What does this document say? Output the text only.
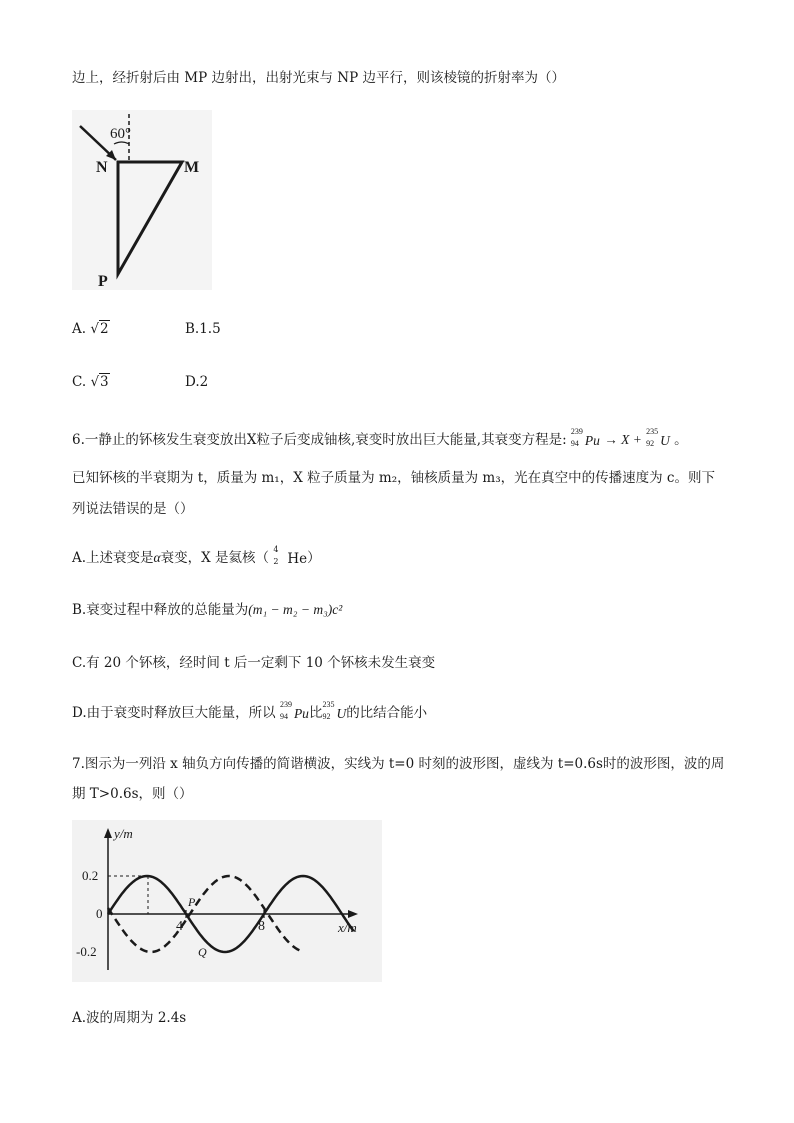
边上，经折射后由 MP 边射出，出射光束与 NP 边平行，则该棱镜的折射率为（）
60°
N	M
P
A. √2	B.1.5
C. √3	D.2
6.一静止的钚核发生衰变放出X粒子后变成铀核,衰变时放出巨大能量,其衰变方程是:
239
94 Pu → X +
235
92 U 。
已知钚核的半衰期为 t，质量为 m₁，X 粒子质量为 m₂，铀核质量为 m₃，光在真空中的传播速度为 c。则下
列说法错误的是（）
A.上述衰变是α衰变，X 是氦核（
4
2 He）
B.衰变过程中释放的总能量为(m₁ − m₂ − m₃)c²
C.有 20 个钚核，经时间 t 后一定剩下 10 个钚核未发生衰变
D.由于衰变时释放巨大能量，所以
239
94 Pu比
235
92 U的比结合能小
7.图示为一列沿 x 轴负方向传播的简谐横波，实线为 t=0 时刻的波形图，虚线为 t=0.6s时的波形图，波的周
期 T>0.6s，则（）
y/m
x/m
0.2
0
-0.2
4	8
P
Q
A.波的周期为 2.4s
